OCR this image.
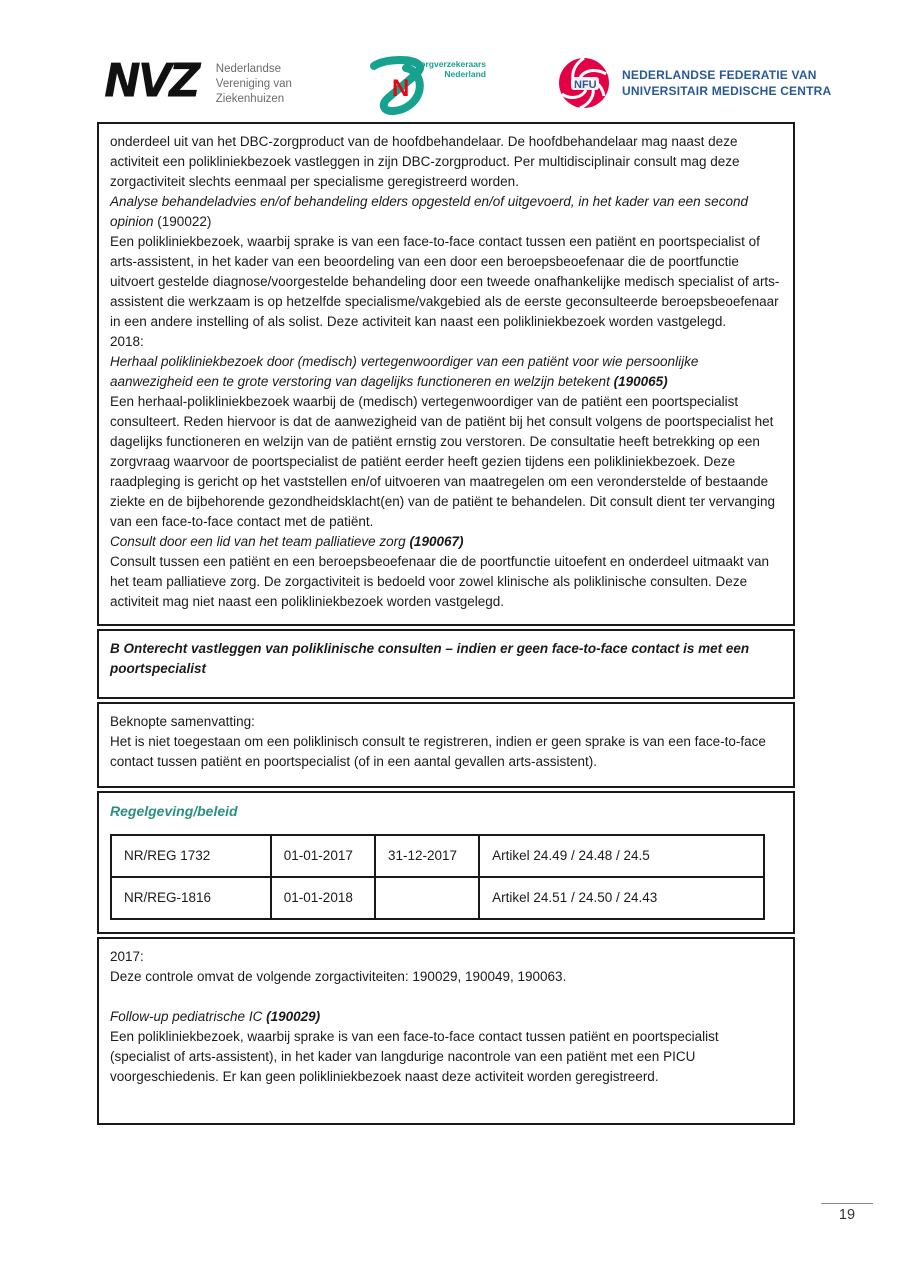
NVZ Nederlandse
Vereniging van
Ziekenhuizen	N
Zorgverzekeraars
Nederland
NFU
NEDERLANDSE FEDERATIE VAN
UNIVERSITAIR MEDISCHE CENTRA

onderdeel uit van het DBC-zorgproduct van de hoofdbehandelaar. De hoofdbehandelaar mag naast deze activiteit een polikliniekbezoek vastleggen in zijn DBC-zorgproduct. Per multidisciplinair consult mag deze zorgactiviteit slechts eenmaal per specialisme geregistreerd worden.

Analyse behandeladvies en/of behandeling elders opgesteld en/of uitgevoerd, in het kader van een second opinion (190022)

Een polikliniekbezoek, waarbij sprake is van een face-to-face contact tussen een patiënt en poortspecialist of arts-assistent, in het kader van een beoordeling van een door een beroepsbeoefenaar die de poortfunctie uitvoert gestelde diagnose/voorgestelde behandeling door een tweede onafhankelijke medisch specialist of arts-assistent die werkzaam is op hetzelfde specialisme/vakgebied als de eerste geconsulteerde beroepsbeoefenaar in een andere instelling of als solist. Deze activiteit kan naast een polikliniekbezoek worden vastgelegd.

2018:

Herhaal polikliniekbezoek door (medisch) vertegenwoordiger van een patiënt voor wie persoonlijke aanwezigheid een te grote verstoring van dagelijks functioneren en welzijn betekent (190065)

Een herhaal-polikliniekbezoek waarbij de (medisch) vertegenwoordiger van de patiënt een poortspecialist consulteert. Reden hiervoor is dat de aanwezigheid van de patiënt bij het consult volgens de poortspecialist het dagelijks functioneren en welzijn van de patiënt ernstig zou verstoren. De consultatie heeft betrekking op een zorgvraag waarvoor de poortspecialist de patiënt eerder heeft gezien tijdens een polikliniekbezoek. Deze raadpleging is gericht op het vaststellen en/of uitvoeren van maatregelen om een veronderstelde of bestaande ziekte en de bijbehorende gezondheidsklacht(en) van de patiënt te behandelen. Dit consult dient ter vervanging van een face-to-face contact met de patiënt.

Consult door een lid van het team palliatieve zorg (190067)

Consult tussen een patiënt en een beroepsbeoefenaar die de poortfunctie uitoefent en onderdeel uitmaakt van het team palliatieve zorg. De zorgactiviteit is bedoeld voor zowel klinische als poliklinische consulten. Deze activiteit mag niet naast een polikliniekbezoek worden vastgelegd.

B Onterecht vastleggen van poliklinische consulten – indien er geen face-to-face contact is met een poortspecialist

Beknopte samenvatting:

Het is niet toegestaan om een poliklinisch consult te registreren, indien er geen sprake is van een face-to-face contact tussen patiënt en poortspecialist (of in een aantal gevallen arts-assistent).

Regelgeving/beleid

NR/REG 1732	01-01-2017	31-12-2017	Artikel 24.49 / 24.48 / 24.5
NR/REG-1816	01-01-2018		Artikel 24.51 / 24.50 / 24.43

2017:

Deze controle omvat de volgende zorgactiviteiten: 190029, 190049, 190063.

Follow-up pediatrische IC (190029)

Een polikliniekbezoek, waarbij sprake is van een face-to-face contact tussen patiënt en poortspecialist (specialist of arts-assistent), in het kader van langdurige nacontrole van een patiënt met een PICU voorgeschiedenis. Er kan geen polikliniekbezoek naast deze activiteit worden geregistreerd.

19
